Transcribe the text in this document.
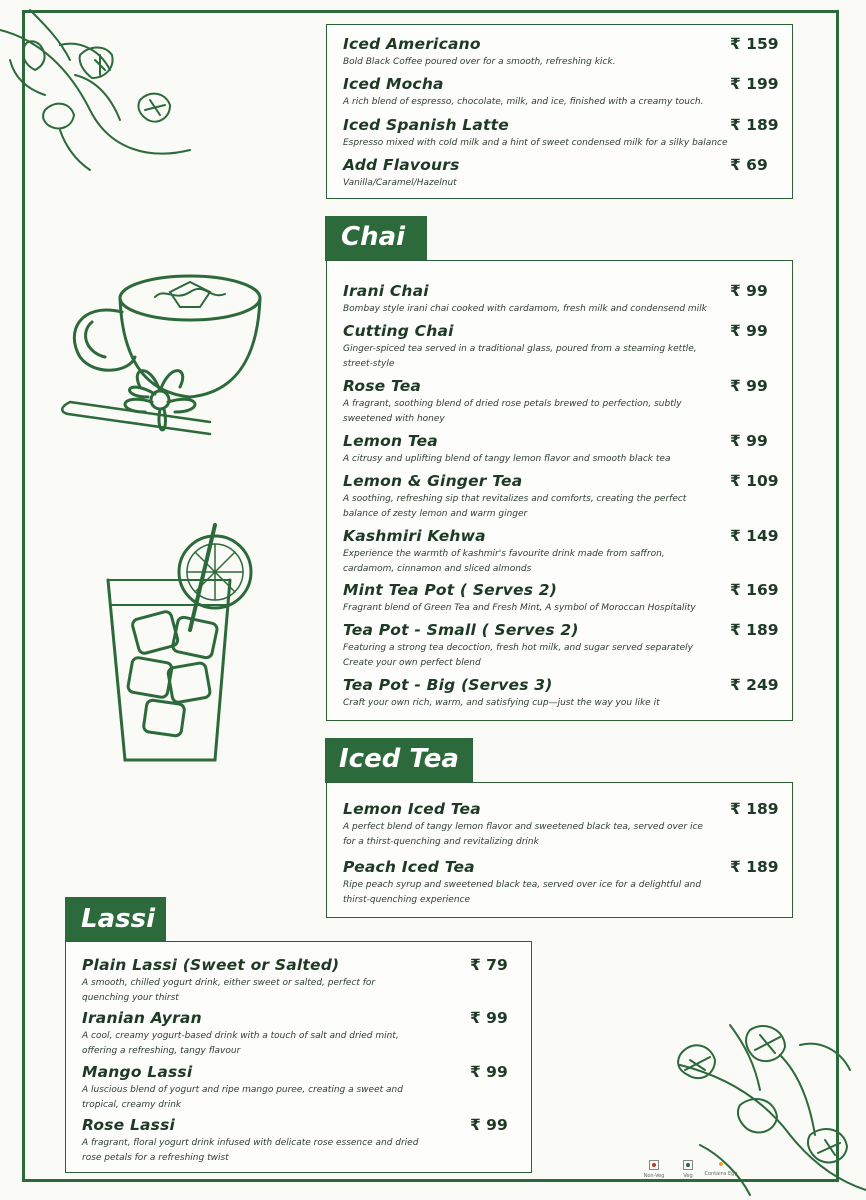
Iced Americano
Bold Black Coffee poured over for a smooth, refreshing kick.
₹ 159
Iced Mocha
A rich blend of espresso, chocolate, milk, and ice, finished with a creamy touch.
₹ 199
Iced Spanish Latte
Espresso mixed with cold milk and a hint of sweet condensed milk for a silky balance
₹ 189
Add Flavours
Vanilla/Caramel/Hazelnut
₹ 69
Chai
Irani Chai
Bombay style irani chai cooked with cardamom, fresh milk and condensend milk
₹ 99
Cutting Chai
Ginger-spiced tea served in a traditional glass, poured from a steaming kettle, street-style
₹ 99
Rose Tea
A fragrant, soothing blend of dried rose petals brewed to perfection, subtly sweetened with honey
₹ 99
Lemon Tea
A citrusy and uplifting blend of tangy lemon flavor and smooth black tea
₹ 99
Lemon & Ginger Tea
A soothing, refreshing sip that revitalizes and comforts, creating the perfect balance of zesty lemon and warm ginger
₹ 109
Kashmiri Kehwa
Experience the warmth of kashmir's favourite drink made from saffron, cardamom, cinnamon and sliced almonds
₹ 149
Mint Tea Pot ( Serves 2)
Fragrant blend of Green Tea and Fresh Mint, A symbol of Moroccan Hospitality
₹ 169
Tea Pot - Small ( Serves 2)
Featuring a strong tea decoction, fresh hot milk, and sugar served separately Create your own perfect blend
₹ 189
Tea Pot - Big (Serves 3)
Craft your own rich, warm, and satisfying cup—just the way you like it
₹ 249
Iced Tea
Lemon Iced Tea
A perfect blend of tangy lemon flavor and sweetened black tea, served over ice for a thirst-quenching and revitalizing drink
₹ 189
Peach Iced Tea
Ripe peach syrup and sweetened black tea, served over ice for a delightful and thirst-quenching experience
₹ 189
Lassi
Plain Lassi (Sweet or Salted)
A smooth, chilled yogurt drink, either sweet or salted, perfect for quenching your thirst
₹ 79
Iranian Ayran
A cool, creamy yogurt-based drink with a touch of salt and dried mint, offering a refreshing, tangy flavour
₹ 99
Mango Lassi
A luscious blend of yogurt and ripe mango puree, creating a sweet and tropical, creamy drink
₹ 99
Rose Lassi
A fragrant, floral yogurt drink infused with delicate rose essence and dried rose petals for a refreshing twist
₹ 99
Non-Veg	Veg	Contains Egg
